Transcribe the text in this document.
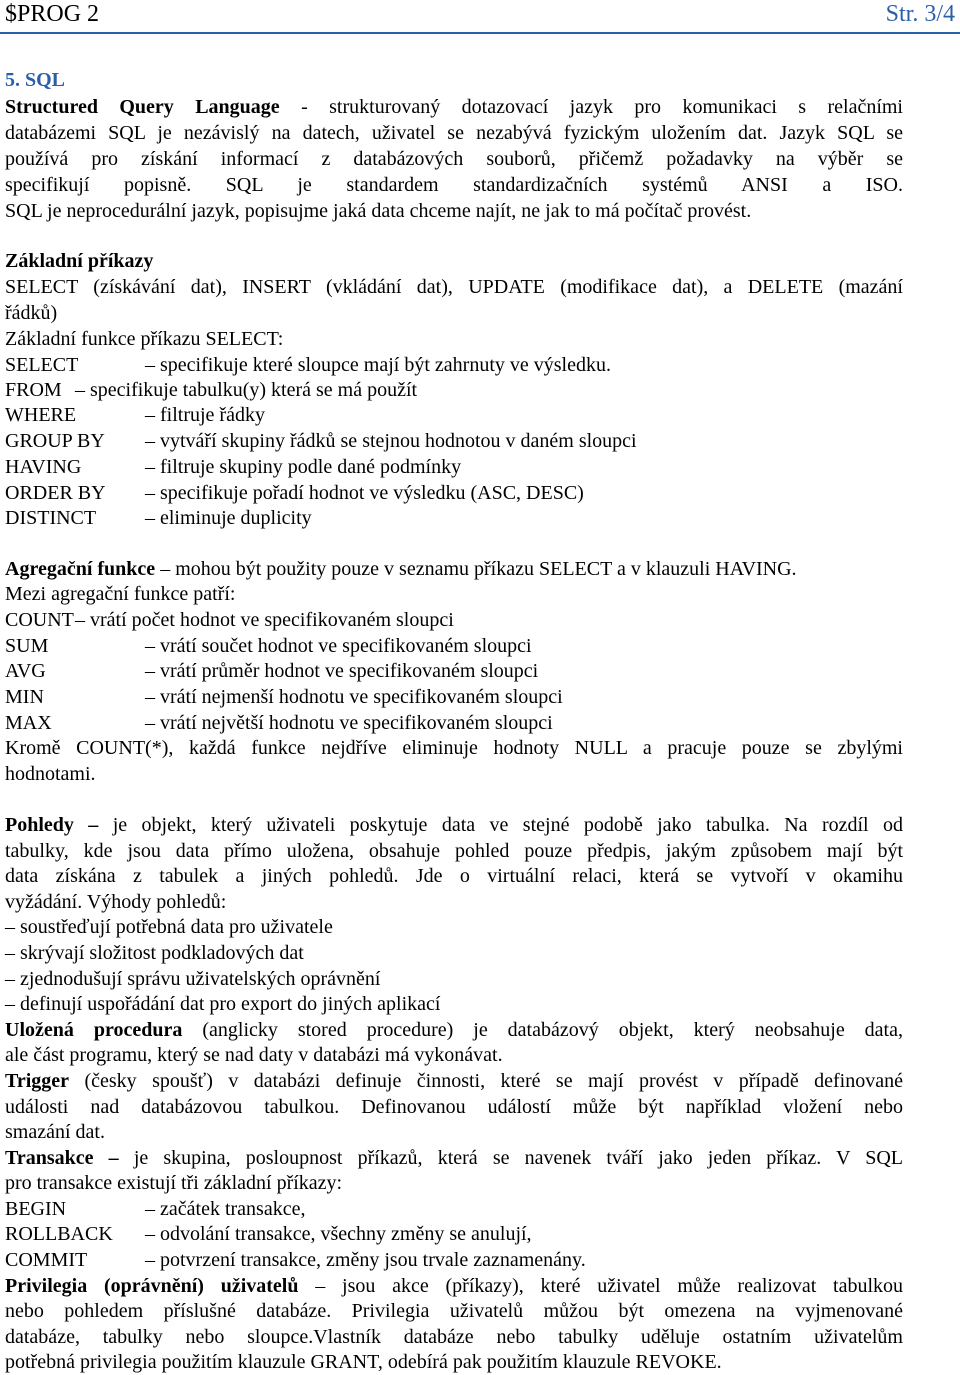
$PROG 2	Str. 3/4
5. SQL
Structured Query Language - strukturovaný dotazovací jazyk pro komunikaci s relačními
databázemi SQL je nezávislý na datech, uživatel se nezabývá fyzickým uložením dat. Jazyk SQL se
používá pro získání informací z databázových souborů, přičemž požadavky na výběr se
specifikují popisně. SQL je standardem standardizačních systémů ANSI a ISO.
SQL je neprocedurální jazyk, popisujme jaká data chceme najít, ne jak to má počítač provést.
Základní příkazy
SELECT (získávání dat), INSERT (vkládání dat), UPDATE (modifikace dat), a DELETE (mazání
řádků)
Základní funkce příkazu SELECT:
SELECT	– specifikuje které sloupce mají být zahrnuty ve výsledku.
FROM – specifikuje tabulku(y) která se má použít
WHERE	– filtruje řádky
GROUP BY – vytváří skupiny řádků se stejnou hodnotou v daném sloupci
HAVING	– filtruje skupiny podle dané podmínky
ORDER BY – specifikuje pořadí hodnot ve výsledku (ASC, DESC)
DISTINCT – eliminuje duplicity
Agregační funkce – mohou být použity pouze v seznamu příkazu SELECT a v klauzuli HAVING.
Mezi agregační funkce patří:
COUNT – vrátí počet hodnot ve specifikovaném sloupci
SUM	– vrátí součet hodnot ve specifikovaném sloupci
AVG	– vrátí průměr hodnot ve specifikovaném sloupci
MIN	– vrátí nejmenší hodnotu ve specifikovaném sloupci
MAX	– vrátí největší hodnotu ve specifikovaném sloupci
Kromě COUNT(*), každá funkce nejdříve eliminuje hodnoty NULL a pracuje pouze se zbylými
hodnotami.
Pohledy – je objekt, který uživateli poskytuje data ve stejné podobě jako tabulka. Na rozdíl od
tabulky, kde jsou data přímo uložena, obsahuje pohled pouze předpis, jakým způsobem mají být
data získána z tabulek a jiných pohledů. Jde o virtuální relaci, která se vytvoří v okamihu
vyžádání. Výhody pohledů:
– soustřeďují potřebná data pro uživatele
– skrývají složitost podkladových dat
– zjednodušují správu uživatelských oprávnění
– definují uspořádání dat pro export do jiných aplikací
Uložená procedura (anglicky stored procedure) je databázový objekt, který neobsahuje data,
ale část programu, který se nad daty v databázi má vykonávat.
Trigger (česky spoušť) v databázi definuje činnosti, které se mají provést v případě definované
události nad databázovou tabulkou. Definovanou událostí může být například vložení nebo
smazání dat.
Transakce – je skupina, posloupnost příkazů, která se navenek tváří jako jeden příkaz. V SQL
pro transakce existují tři základní příkazy:
BEGIN	– začátek transakce,
ROLLBACK – odvolání transakce, všechny změny se anulují,
COMMIT	– potvrzení transakce, změny jsou trvale zaznamenány.
Privilegia (oprávnění) uživatelů – jsou akce (příkazy), které uživatel může realizovat tabulkou
nebo pohledem příslušné databáze. Privilegia uživatelů můžou být omezena na vyjmenované
databáze, tabulky nebo sloupce.Vlastník databáze nebo tabulky uděluje ostatním uživatelům
potřebná privilegia použitím klauzule GRANT, odebírá pak použitím klauzule REVOKE.
